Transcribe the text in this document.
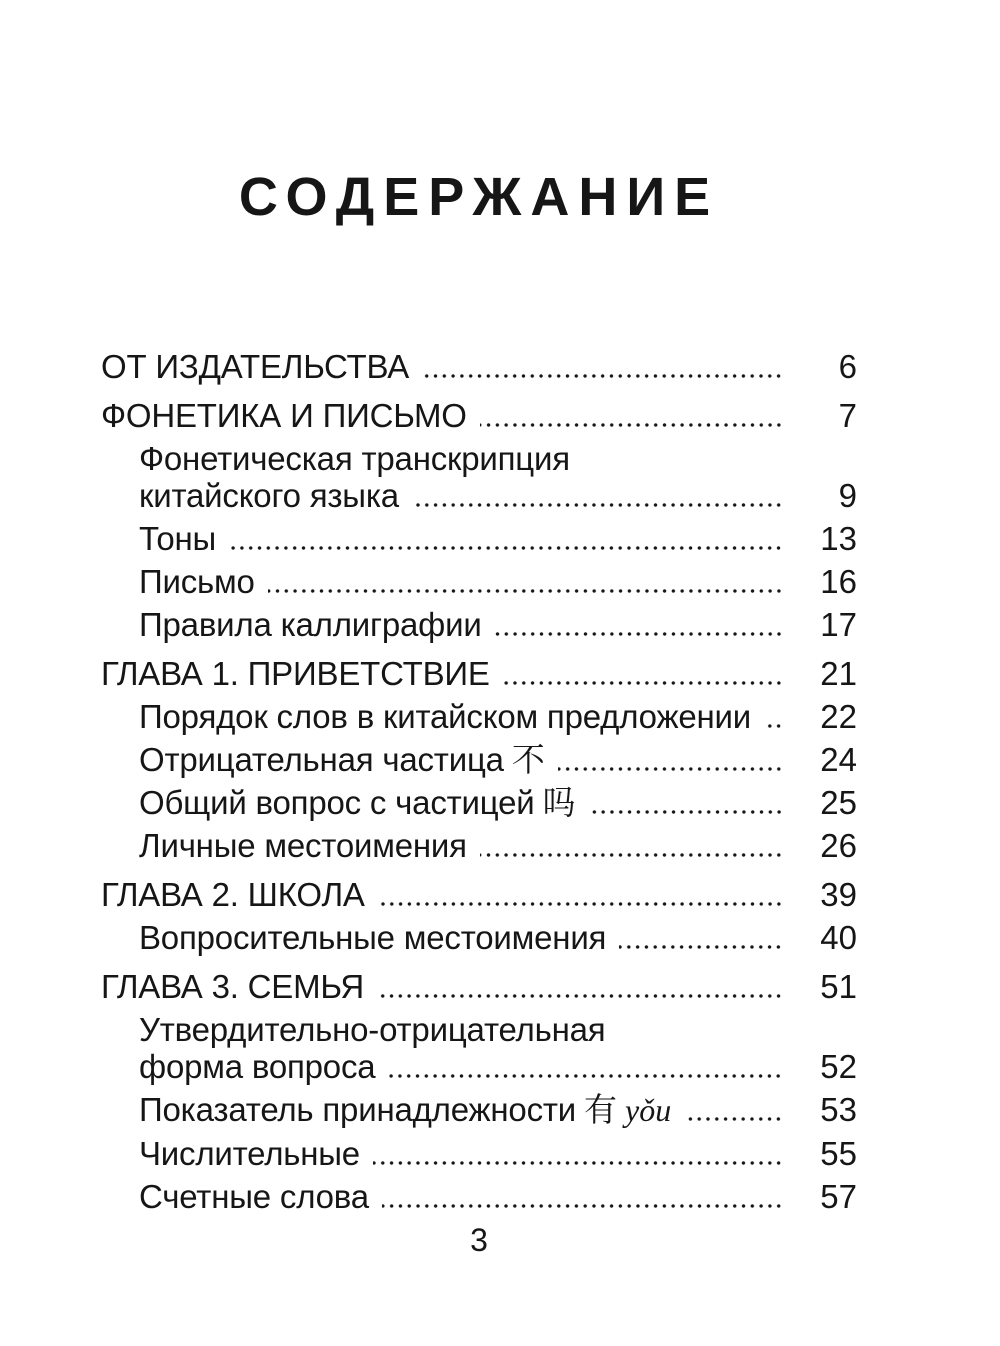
СОДЕРЖАНИЕ
ОТ ИЗДАТЕЛЬСТВА	6
ФОНЕТИКА И ПИСЬМО	7
Фонетическая транскрипция
китайского языка	9
Тоны	13
Письмо	16
Правила каллиграфии	17
ГЛАВА 1. ПРИВЕТСТВИЕ	21
Порядок слов в китайском предложении	22
Отрицательная частица 不	24
Общий вопрос с частицей 吗	25
Личные местоимения	26
ГЛАВА 2. ШКОЛА	39
Вопросительные местоимения	40
ГЛАВА 3. СЕМЬЯ	51
Утвердительно-отрицательная
форма вопроса	52
Показатель принадлежности 有 yǒu	53
Числительные	55
Счетные слова	57
3
